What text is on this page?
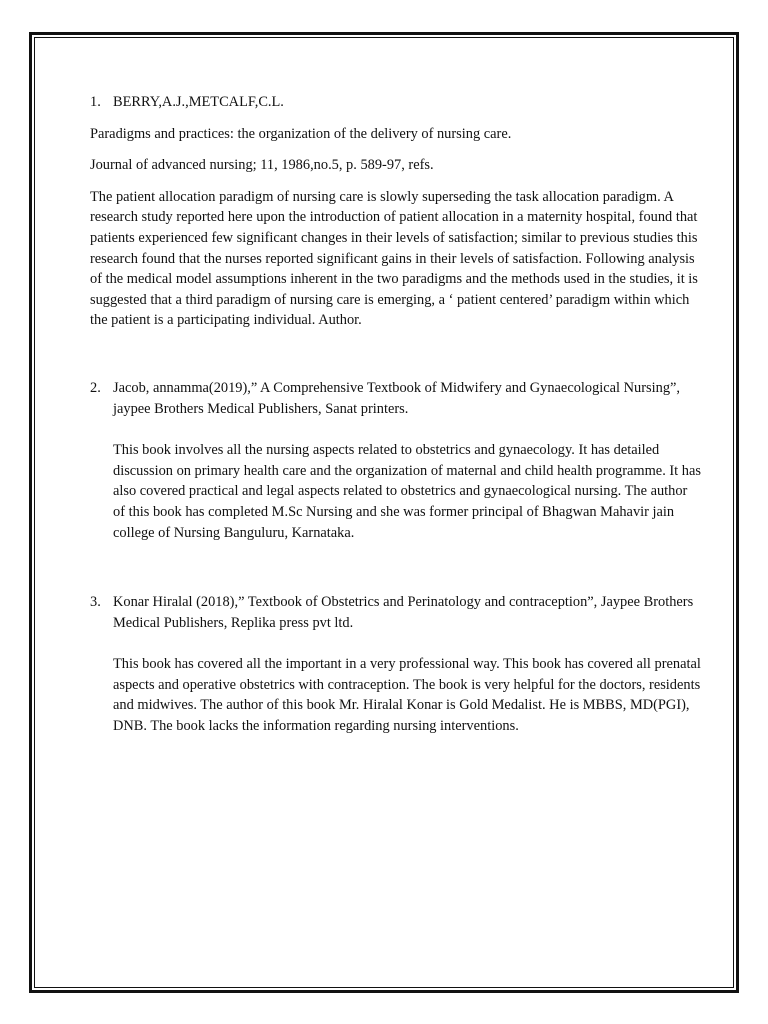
1. BERRY,A.J.,METCALF,C.L.

Paradigms and practices: the organization of the delivery of nursing care.

Journal of advanced nursing; 11, 1986,no.5, p. 589-97, refs.

The patient allocation paradigm of nursing care is slowly superseding the task allocation paradigm. A research study reported here upon the introduction of patient allocation in a maternity hospital, found that patients experienced few significant changes in their levels of satisfaction; similar to previous studies this research found that the nurses reported significant gains in their levels of satisfaction. Following analysis of the medical model assumptions inherent in the two paradigms and the methods used in the studies, it is suggested that a third paradigm of nursing care is emerging, a ‘ patient centered’ paradigm within which the patient is a participating individual. Author.

2. Jacob, annamma(2019),” A Comprehensive Textbook of Midwifery and Gynaecological Nursing”, jaypee Brothers Medical Publishers, Sanat printers.

This book involves all the nursing aspects related to obstetrics and gynaecology. It has detailed discussion on primary health care and the organization of maternal and child health programme. It has also covered practical and legal aspects related to obstetrics and gynaecological nursing. The author of this book has completed M.Sc Nursing and she was former principal of Bhagwan Mahavir jain college of Nursing Banguluru, Karnataka.

3. Konar Hiralal (2018),” Textbook of Obstetrics and Perinatology and contraception”, Jaypee Brothers Medical Publishers, Replika press pvt ltd.

This book has covered all the important in a very professional way. This book has covered all prenatal aspects and operative obstetrics with contraception. The book is very helpful for the doctors, residents and midwives. The author of this book Mr. Hiralal Konar is Gold Medalist. He is MBBS, MD(PGI), DNB. The book lacks the information regarding nursing interventions.
